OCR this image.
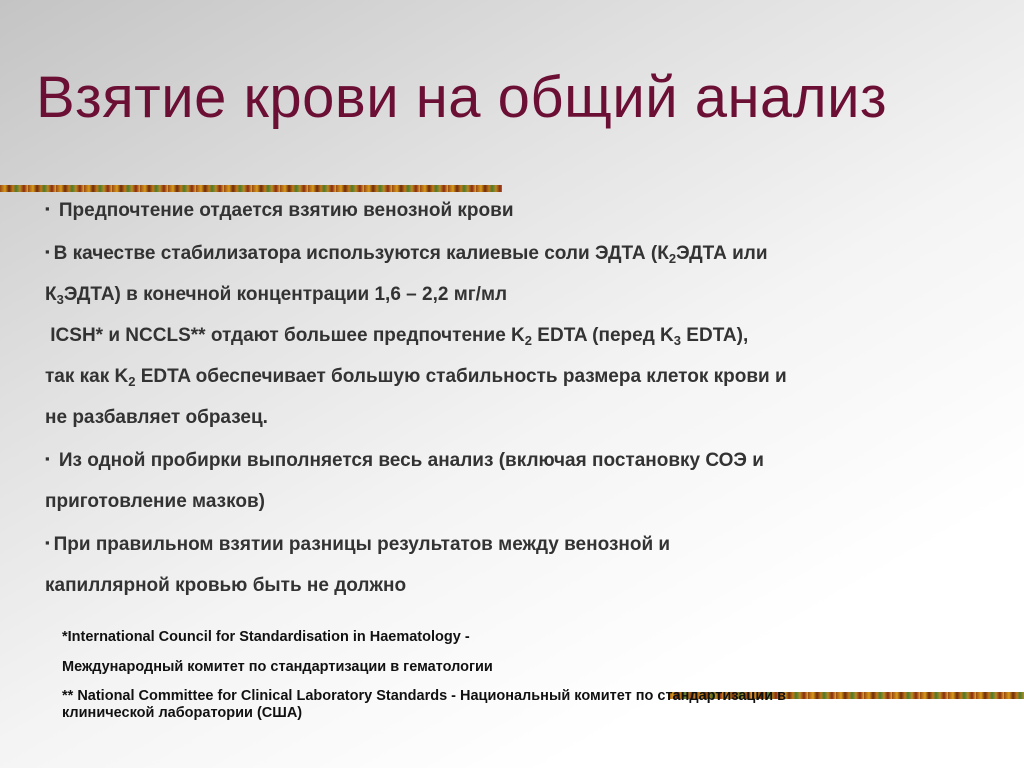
Взятие крови на общий анализ
▪ Предпочтение отдается взятию венозной крови
▪ В качестве стабилизатора используются калиевые соли ЭДТА ($К_2ЭДТА$ или
$К_3ЭДТА$) в конечной концентрации 1,6 – 2,2 мг/мл
ICSH* и NCCLS** отдают большее предпочтение $K_2$ EDTA (перед $K_3$ EDTA),
так как $K_2$ EDTA обеспечивает большую стабильность размера клеток крови и
не разбавляет образец.
▪ Из одной пробирки выполняется весь анализ (включая постановку СОЭ и
приготовление мазков)
▪ При правильном взятии разницы результатов между венозной и
капиллярной кровью быть не должно
*International Council for Standardisation in Haematology -
Международный комитет по стандартизации в гематологии
** National Committee for Clinical Laboratory Standards - Национальный комитет по стандартизации в
клинической лаборатории (США)
